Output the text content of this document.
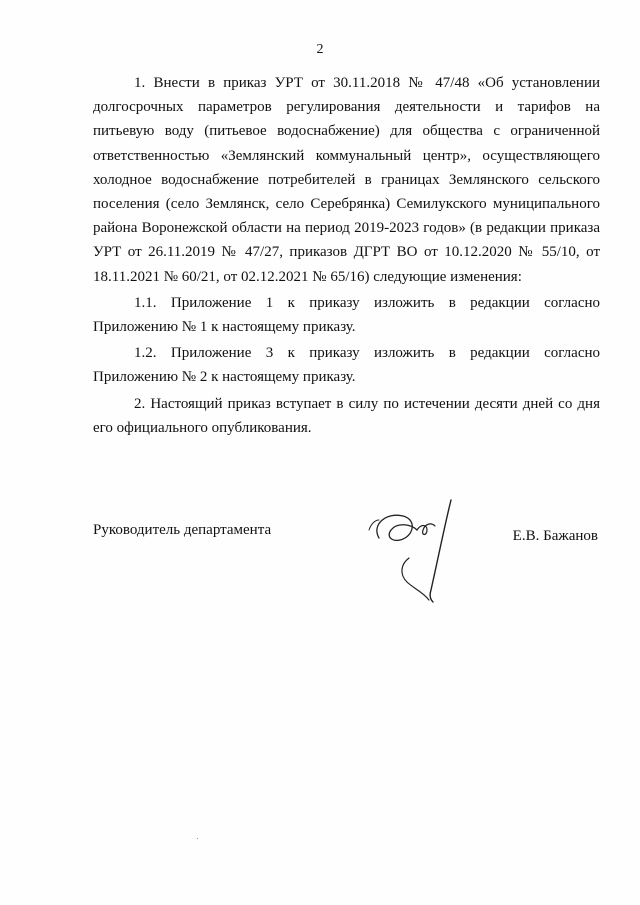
2

1. Внести в приказ УРТ от 30.11.2018 № 47/48 «Об установлении
долгосрочных параметров регулирования деятельности и тарифов на
питьевую воду (питьевое водоснабжение) для общества с ограниченной
ответственностью «Землянский коммунальный центр», осуществляющего
холодное водоснабжение потребителей в границах Землянского сельского
поселения (село Землянск, село Серебрянка) Семилукского муниципального
района Воронежской области на период 2019-2023 годов» (в редакции приказа
УРТ от 26.11.2019 № 47/27, приказов ДГРТ ВО от 10.12.2020 № 55/10, от
18.11.2021 № 60/21, от 02.12.2021 № 65/16) следующие изменения:

1.1. Приложение 1 к приказу изложить в редакции согласно
Приложению № 1 к настоящему приказу.

1.2. Приложение 3 к приказу изложить в редакции согласно
Приложению № 2 к настоящему приказу.

2. Настоящий приказ вступает в силу по истечении десяти дней со дня
его официального опубликования.

Руководитель департамента	Е.В. Бажанов
